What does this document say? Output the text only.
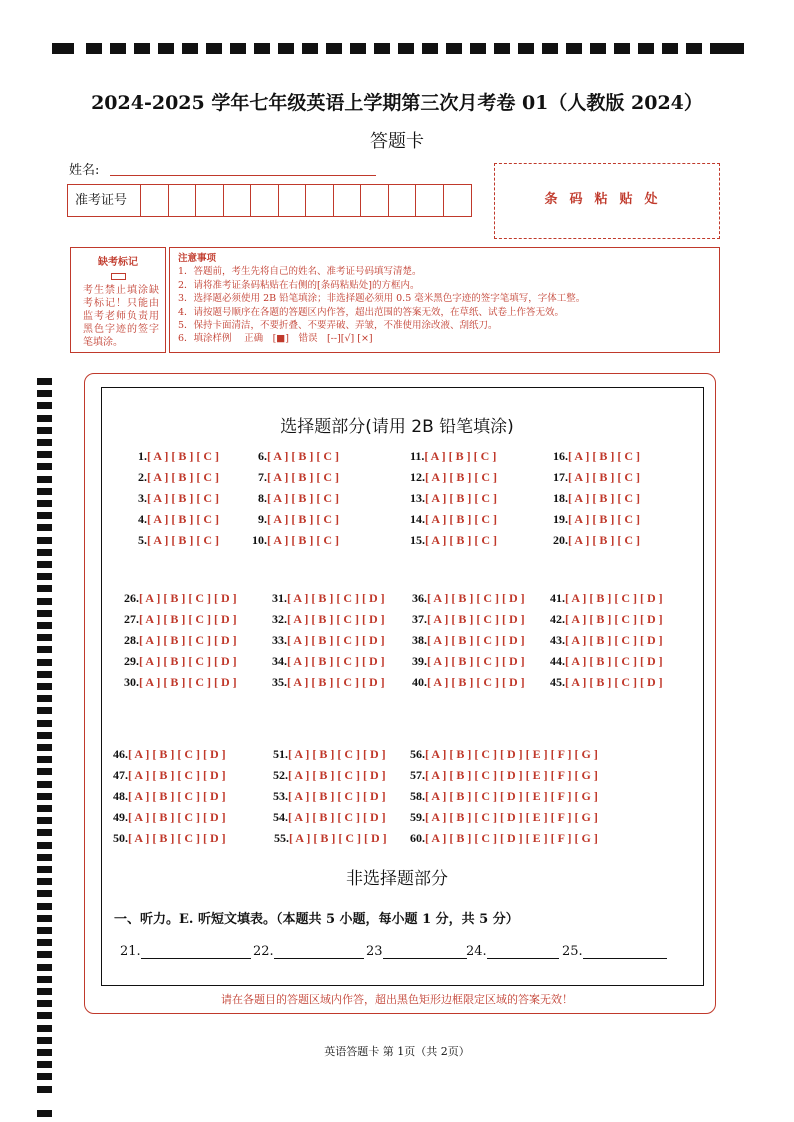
2024-2025 学年七年级英语上学期第三次月考卷 01（人教版 2024）
答题卡
姓名:
准考证号	条码粘贴处
缺考标记
考生禁止填涂缺考标记！只能由监考老师负责用黑色字迹的签字笔填涂。
注意事项
1．答题前，考生先将自己的姓名、准考证号码填写清楚。
2．请将准考证条码粘贴在右侧的[条码粘贴处]的方框内。
3．选择题必须使用 2B 铅笔填涂；非选择题必须用 0.5 毫米黑色字迹的签字笔填写，字体工整。
4．请按题号顺序在各题的答题区内作答，超出范围的答案无效，在草纸、试卷上作答无效。
5．保持卡面清洁，不要折叠、不要弄破、弄皱，不准使用涂改液、刮纸刀。
6．填涂样例　 正确　[■]　错误　[--][√] [×]
选择题部分(请用 2B 铅笔填涂)
1.[ A ] [ B ] [ C ]
2.[ A ] [ B ] [ C ]
3.[ A ] [ B ] [ C ]
4.[ A ] [ B ] [ C ]
5.[ A ] [ B ] [ C ]
6.[ A ] [ B ] [ C ]
7.[ A ] [ B ] [ C ]
8.[ A ] [ B ] [ C ]
9.[ A ] [ B ] [ C ]
10.[ A ] [ B ] [ C ]
11.[ A ] [ B ] [ C ]
12.[ A ] [ B ] [ C ]
13.[ A ] [ B ] [ C ]
14.[ A ] [ B ] [ C ]
15.[ A ] [ B ] [ C ]
16.[ A ] [ B ] [ C ]
17.[ A ] [ B ] [ C ]
18.[ A ] [ B ] [ C ]
19.[ A ] [ B ] [ C ]
20.[ A ] [ B ] [ C ]
26.[ A ] [ B ] [ C ] [ D ]
27.[ A ] [ B ] [ C ] [ D ]
28.[ A ] [ B ] [ C ] [ D ]
29.[ A ] [ B ] [ C ] [ D ]
30.[ A ] [ B ] [ C ] [ D ]
31.[ A ] [ B ] [ C ] [ D ]
32.[ A ] [ B ] [ C ] [ D ]
33.[ A ] [ B ] [ C ] [ D ]
34.[ A ] [ B ] [ C ] [ D ]
35.[ A ] [ B ] [ C ] [ D ]
36.[ A ] [ B ] [ C ] [ D ]
37.[ A ] [ B ] [ C ] [ D ]
38.[ A ] [ B ] [ C ] [ D ]
39.[ A ] [ B ] [ C ] [ D ]
40.[ A ] [ B ] [ C ] [ D ]
41.[ A ] [ B ] [ C ] [ D ]
42.[ A ] [ B ] [ C ] [ D ]
43.[ A ] [ B ] [ C ] [ D ]
44.[ A ] [ B ] [ C ] [ D ]
45.[ A ] [ B ] [ C ] [ D ]
46.[ A ] [ B ] [ C ] [ D ]
47.[ A ] [ B ] [ C ] [ D ]
48.[ A ] [ B ] [ C ] [ D ]
49.[ A ] [ B ] [ C ] [ D ]
50.[ A ] [ B ] [ C ] [ D ]
51.[ A ] [ B ] [ C ] [ D ]
52.[ A ] [ B ] [ C ] [ D ]
53.[ A ] [ B ] [ C ] [ D ]
54.[ A ] [ B ] [ C ] [ D ]
55.[ A ] [ B ] [ C ] [ D ]
56.[ A ] [ B ] [ C ] [ D ] [ E ] [ F ] [ G ]
57.[ A ] [ B ] [ C ] [ D ] [ E ] [ F ] [ G ]
58.[ A ] [ B ] [ C ] [ D ] [ E ] [ F ] [ G ]
59.[ A ] [ B ] [ C ] [ D ] [ E ] [ F ] [ G ]
60.[ A ] [ B ] [ C ] [ D ] [ E ] [ F ] [ G ]
非选择题部分
一、听力。E. 听短文填表。（本题共 5 小题，每小题 1 分，共 5 分）
21.	22.	23	24.	25.
请在各题目的答题区域内作答，超出黑色矩形边框限定区域的答案无效！
英语答题卡 第 1页（共 2页）
